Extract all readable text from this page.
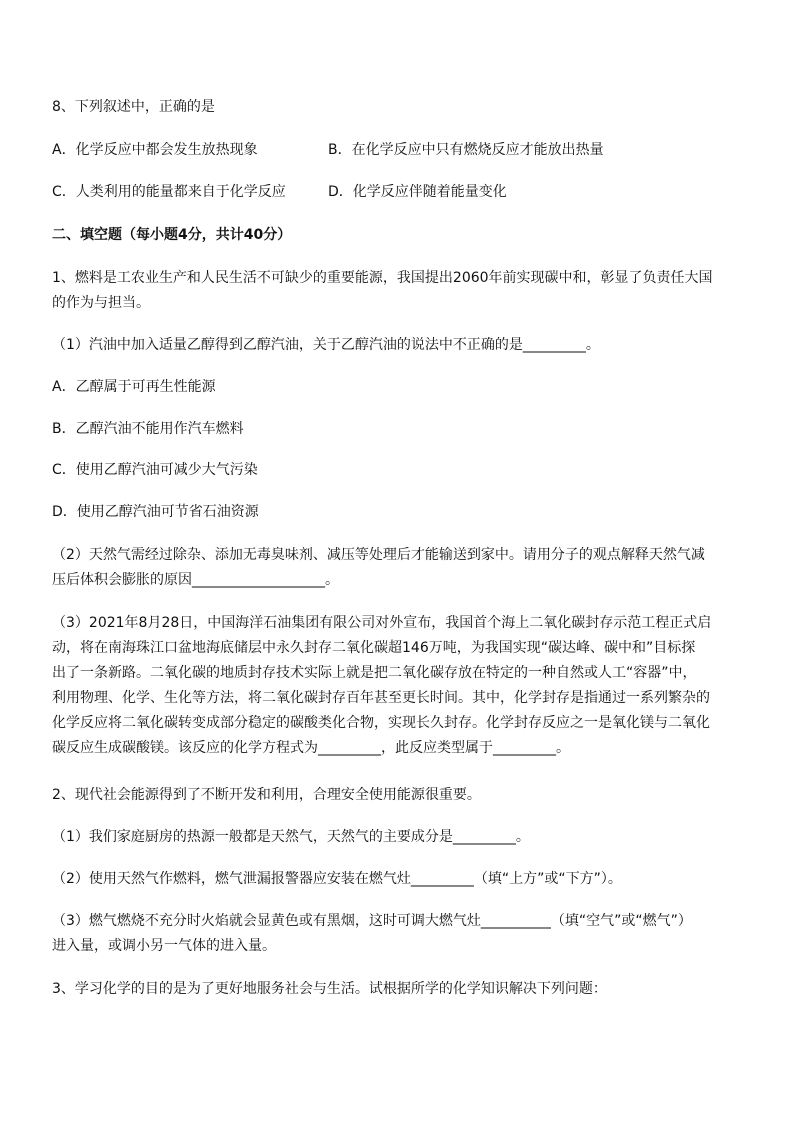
8、下列叙述中，正确的是
A．化学反应中都会发生放热现象	B．在化学反应中只有燃烧反应才能放出热量
C．人类利用的能量都来自于化学反应	D．化学反应伴随着能量变化
二、填空题（每小题4分，共计40分）
1、燃料是工农业生产和人民生活不可缺少的重要能源，我国提出2060年前实现碳中和，彰显了负责任大国
的作为与担当。
（1）汽油中加入适量乙醇得到乙醇汽油，关于乙醇汽油的说法中不正确的是_________。
A．乙醇属于可再生性能源
B．乙醇汽油不能用作汽车燃料
C．使用乙醇汽油可减少大气污染
D．使用乙醇汽油可节省石油资源
（2）天然气需经过除杂、添加无毒臭味剂、减压等处理后才能输送到家中。请用分子的观点解释天然气减
压后体积会膨胀的原因___________________。
（3）2021年8月28日，中国海洋石油集团有限公司对外宣布，我国首个海上二氧化碳封存示范工程正式启
动，将在南海珠江口盆地海底储层中永久封存二氧化碳超146万吨，为我国实现“碳达峰、碳中和”目标探
出了一条新路。二氧化碳的地质封存技术实际上就是把二氧化碳存放在特定的一种自然或人工“容器”中，
利用物理、化学、生化等方法，将二氧化碳封存百年甚至更长时间。其中，化学封存是指通过一系列繁杂的
化学反应将二氧化碳转变成部分稳定的碳酸类化合物，实现长久封存。化学封存反应之一是氧化镁与二氧化
碳反应生成碳酸镁。该反应的化学方程式为_________，此反应类型属于_________。
2、现代社会能源得到了不断开发和利用，合理安全使用能源很重要。
（1）我们家庭厨房的热源一般都是天然气，天然气的主要成分是_________。
（2）使用天然气作燃料，燃气泄漏报警器应安装在燃气灶_________（填“上方”或“下方”）。
（3）燃气燃烧不充分时火焰就会显黄色或有黑烟，这时可调大燃气灶__________（填“空气”或“燃气”）
进入量，或调小另一气体的进入量。
3、学习化学的目的是为了更好地服务社会与生活。试根据所学的化学知识解决下列问题：
